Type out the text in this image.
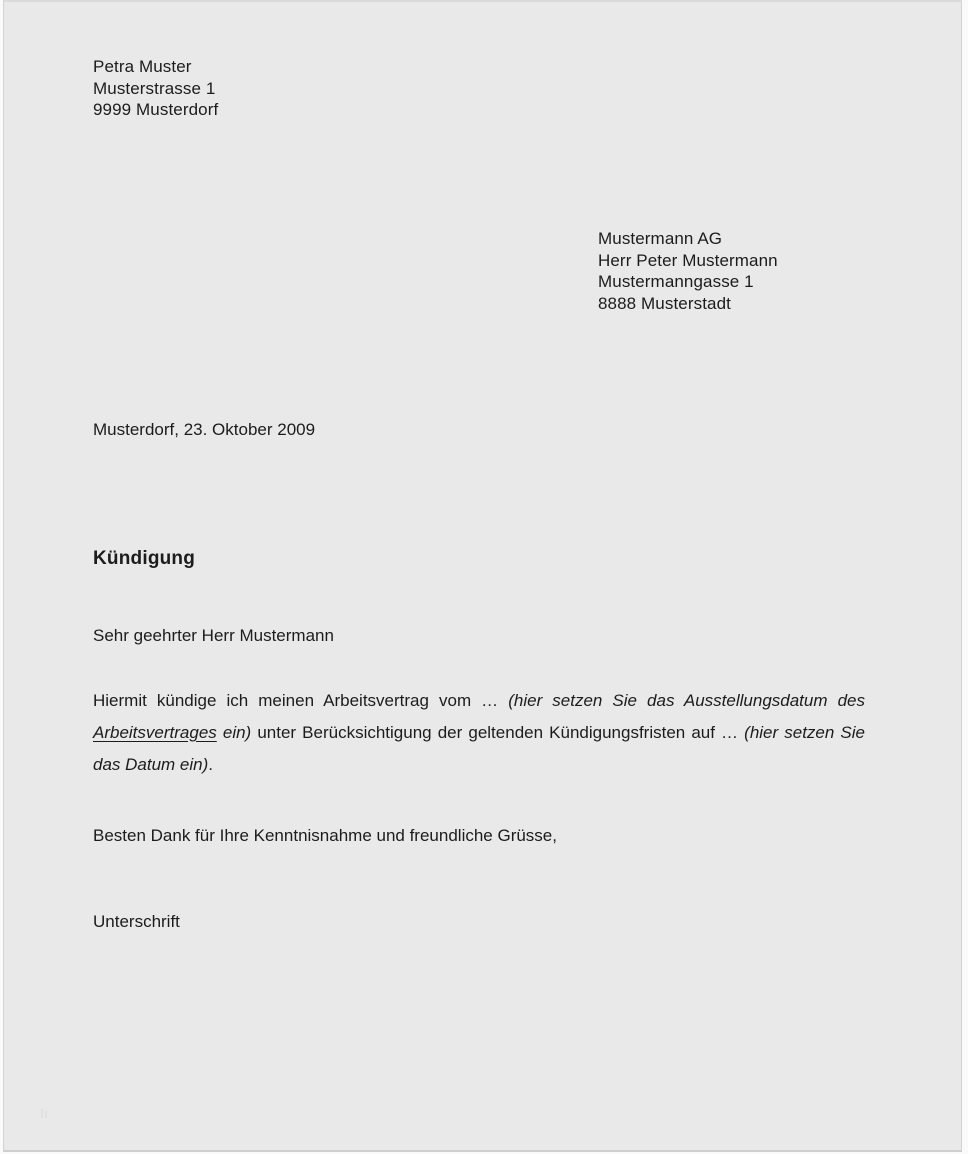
Petra Muster
Musterstrasse 1
9999 Musterdorf
Mustermann AG
Herr Peter Mustermann
Mustermanngasse 1
8888 Musterstadt
Musterdorf, 23. Oktober 2009
Kündigung
Sehr geehrter Herr Mustermann
Hiermit kündige ich meinen Arbeitsvertrag vom … (hier setzen Sie das Ausstellungsdatum des Arbeitsvertrages ein) unter Berücksichtigung der geltenden Kündigungsfristen auf … (hier setzen Sie das Datum ein).
Besten Dank für Ihre Kenntnisnahme und freundliche Grüsse,
Unterschrift
